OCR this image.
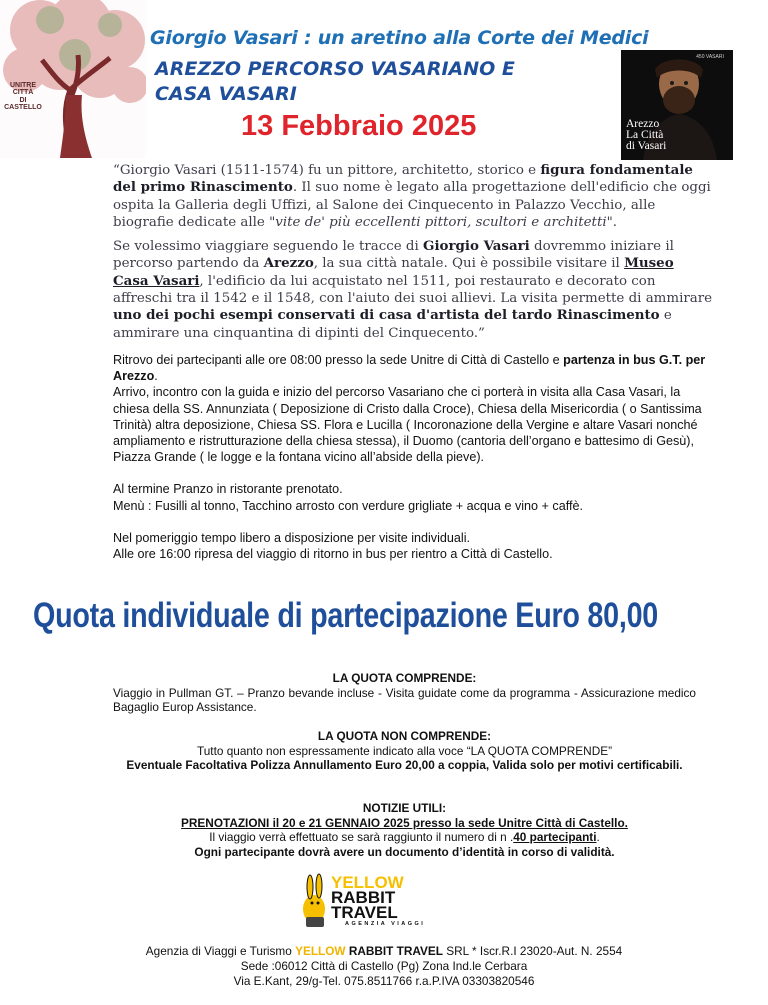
UNITRE
CITTÀ
DI
CASTELLO
Giorgio Vasari : un aretino alla Corte dei Medici
AREZZO PERCORSO VASARIANO E CASA VASARI
13 Febbraio 2025
450 VASARI
Arezzo
La Città
di Vasari

“Giorgio Vasari (1511-1574) fu un pittore, architetto, storico e figura fondamentale del primo Rinascimento. Il suo nome è legato alla progettazione dell'edificio che oggi ospita la Galleria degli Uffizi, al Salone dei Cinquecento in Palazzo Vecchio, alle biografie dedicate alle "vite de' più eccellenti pittori, scultori e architetti".

Se volessimo viaggiare seguendo le tracce di Giorgio Vasari dovremmo iniziare il percorso partendo da Arezzo, la sua città natale. Qui è possibile visitare il Museo Casa Vasari, l'edificio da lui acquistato nel 1511, poi restaurato e decorato con affreschi tra il 1542 e il 1548, con l'aiuto dei suoi allievi. La visita permette di ammirare uno dei pochi esempi conservati di casa d'artista del tardo Rinascimento e ammirare una cinquantina di dipinti del Cinquecento.”

Ritrovo dei partecipanti alle ore 08:00 presso la sede Unitre di Città di Castello e partenza in bus G.T. per Arezzo.
Arrivo, incontro con la guida e inizio del percorso Vasariano che ci porterà in visita alla Casa Vasari, la chiesa della SS. Annunziata ( Deposizione di Cristo dalla Croce), Chiesa della Misericordia ( o Santissima Trinità) altra deposizione, Chiesa SS. Flora e Lucilla ( Incoronazione della Vergine e altare Vasari nonché ampliamento e ristrutturazione della chiesa stessa), il Duomo (cantoria dell’organo e battesimo di Gesù), Piazza Grande ( le logge e la fontana vicino all’abside della pieve).

Al termine Pranzo in ristorante prenotato.
Menù : Fusilli al tonno, Tacchino arrosto con verdure grigliate + acqua e vino + caffè.

Nel pomeriggio tempo libero a disposizione per visite individuali.
Alle ore 16:00 ripresa del viaggio di ritorno in bus per rientro a Città di Castello.

Quota individuale di partecipazione Euro 80,00
LA QUOTA COMPRENDE:
Viaggio in Pullman GT. – Pranzo bevande incluse - Visita guidate come da programma - Assicurazione medico Bagaglio Europ Assistance.
LA QUOTA NON COMPRENDE:
Tutto quanto non espressamente indicato alla voce “LA QUOTA COMPRENDE”
Eventuale Facoltativa Polizza Annullamento Euro 20,00 a coppia, Valida solo per motivi certificabili.
NOTIZIE UTILI:
PRENOTAZIONI il 20 e 21 GENNAIO 2025 presso la sede Unitre Città di Castello.
Il viaggio verrà effettuato se sarà raggiunto il numero di n .40 partecipanti.
Ogni partecipante dovrà avere un documento d’identità in corso di validità.
YELLOW
RABBIT
TRAVEL
AGENZIA VIAGGI
Agenzia di Viaggi e Turismo YELLOW RABBIT TRAVEL SRL * Iscr.R.I 23020-Aut. N. 2554
Sede :06012 Città di Castello (Pg) Zona Ind.le Cerbara
Via E.Kant, 29/g-Tel. 075.8511766 r.a.P.IVA 03303820546
